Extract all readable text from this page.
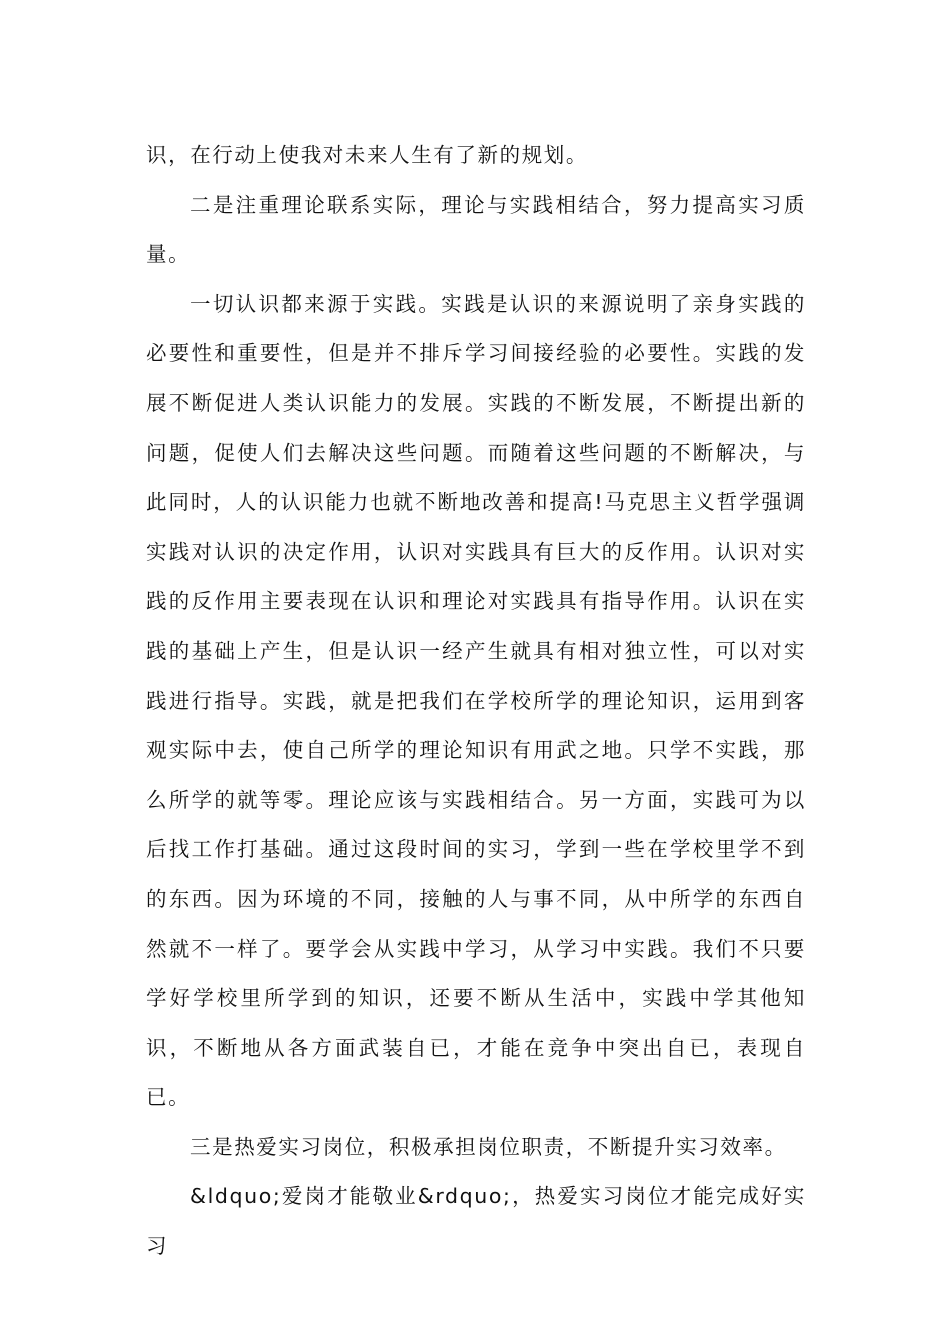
识，在行动上使我对未来人生有了新的规划。

二是注重理论联系实际，理论与实践相结合，努力提高实习质量。

一切认识都来源于实践。实践是认识的来源说明了亲身实践的必要性和重要性，但是并不排斥学习间接经验的必要性。实践的发展不断促进人类认识能力的发展。实践的不断发展，不断提出新的问题，促使人们去解决这些问题。而随着这些问题的不断解决，与此同时，人的认识能力也就不断地改善和提高!马克思主义哲学强调实践对认识的决定作用，认识对实践具有巨大的反作用。认识对实践的反作用主要表现在认识和理论对实践具有指导作用。认识在实践的基础上产生，但是认识一经产生就具有相对独立性，可以对实践进行指导。实践，就是把我们在学校所学的理论知识，运用到客观实际中去，使自己所学的理论知识有用武之地。只学不实践，那么所学的就等零。理论应该与实践相结合。另一方面，实践可为以后找工作打基础。通过这段时间的实习，学到一些在学校里学不到的东西。因为环境的不同，接触的人与事不同，从中所学的东西自然就不一样了。要学会从实践中学习，从学习中实践。我们不只要学好学校里所学到的知识，还要不断从生活中，实践中学其他知识，不断地从各方面武装自已，才能在竞争中突出自已，表现自已。

三是热爱实习岗位，积极承担岗位职责，不断提升实习效率。

&ldquo;爱岗才能敬业&rdquo;，热爱实习岗位才能完成好实习
